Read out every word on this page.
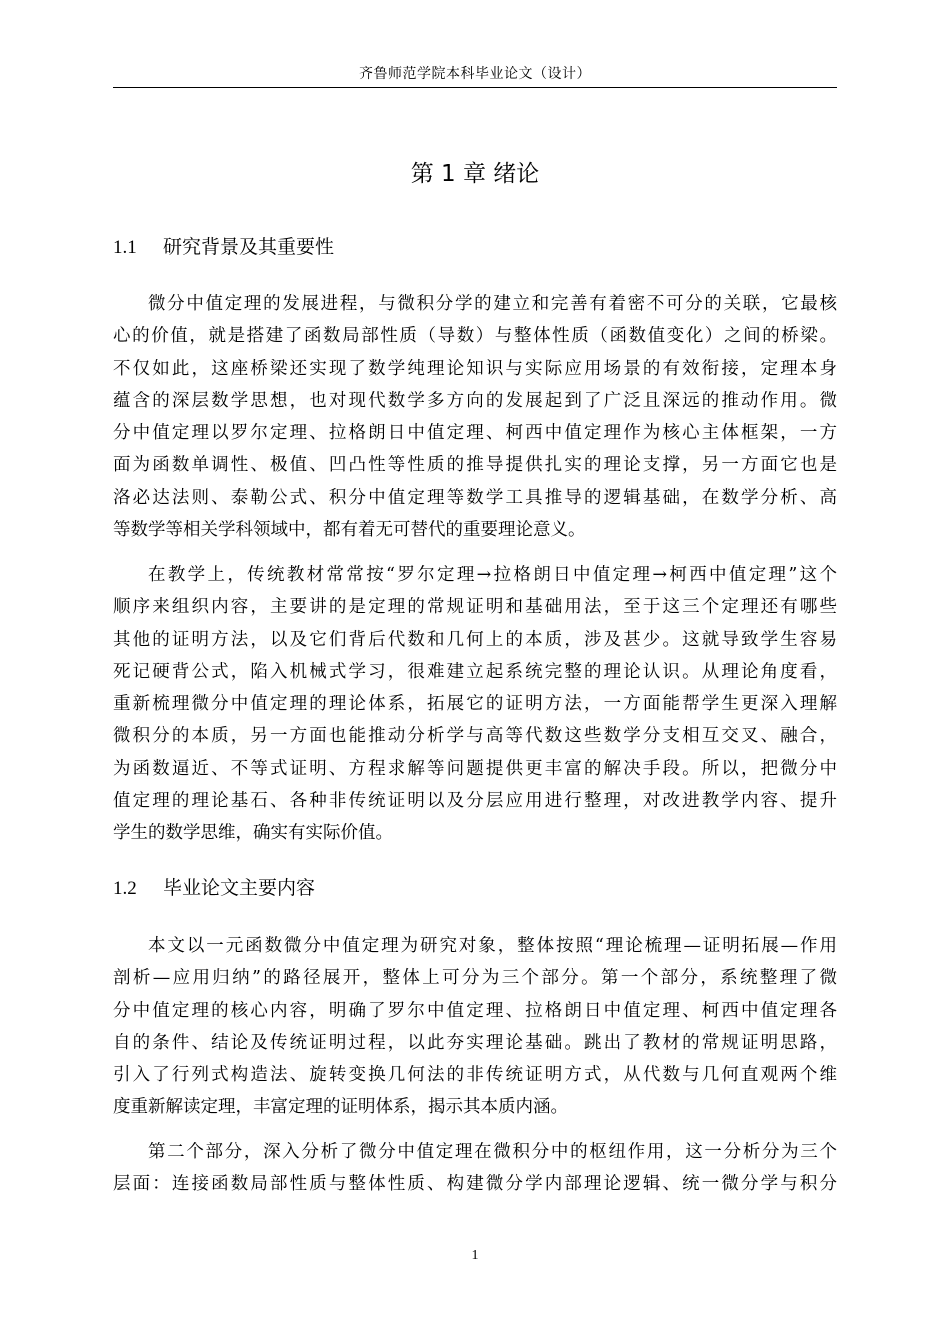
齐鲁师范学院本科毕业论文（设计）
第 1 章 绪论
1.1 研究背景及其重要性
微分中值定理的发展进程，与微积分学的建立和完善有着密不可分的关联，它最核
心的价值，就是搭建了函数局部性质（导数）与整体性质（函数值变化）之间的桥梁。
不仅如此，这座桥梁还实现了数学纯理论知识与实际应用场景的有效衔接，定理本身
蕴含的深层数学思想，也对现代数学多方向的发展起到了广泛且深远的推动作用。微
分中值定理以罗尔定理、拉格朗日中值定理、柯西中值定理作为核心主体框架，一方
面为函数单调性、极值、凹凸性等性质的推导提供扎实的理论支撑，另一方面它也是
洛必达法则、泰勒公式、积分中值定理等数学工具推导的逻辑基础，在数学分析、高
等数学等相关学科领域中，都有着无可替代的重要理论意义。
在教学上，传统教材常常按“罗尔定理→拉格朗日中值定理→柯西中值定理”这个
顺序来组织内容，主要讲的是定理的常规证明和基础用法，至于这三个定理还有哪些
其他的证明方法，以及它们背后代数和几何上的本质，涉及甚少。这就导致学生容易
死记硬背公式，陷入机械式学习，很难建立起系统完整的理论认识。从理论角度看，
重新梳理微分中值定理的理论体系，拓展它的证明方法，一方面能帮学生更深入理解
微积分的本质，另一方面也能推动分析学与高等代数这些数学分支相互交叉、融合，
为函数逼近、不等式证明、方程求解等问题提供更丰富的解决手段。所以，把微分中
值定理的理论基石、各种非传统证明以及分层应用进行整理，对改进教学内容、提升
学生的数学思维，确实有实际价值。
1.2 毕业论文主要内容
本文以一元函数微分中值定理为研究对象，整体按照“理论梳理—证明拓展—作用
剖析—应用归纳”的路径展开，整体上可分为三个部分。第一个部分，系统整理了微
分中值定理的核心内容，明确了罗尔中值定理、拉格朗日中值定理、柯西中值定理各
自的条件、结论及传统证明过程，以此夯实理论基础。跳出了教材的常规证明思路，
引入了行列式构造法、旋转变换几何法的非传统证明方式，从代数与几何直观两个维
度重新解读定理，丰富定理的证明体系，揭示其本质内涵。
第二个部分，深入分析了微分中值定理在微积分中的枢纽作用，这一分析分为三个
层面：连接函数局部性质与整体性质、构建微分学内部理论逻辑、统一微分学与积分
1
